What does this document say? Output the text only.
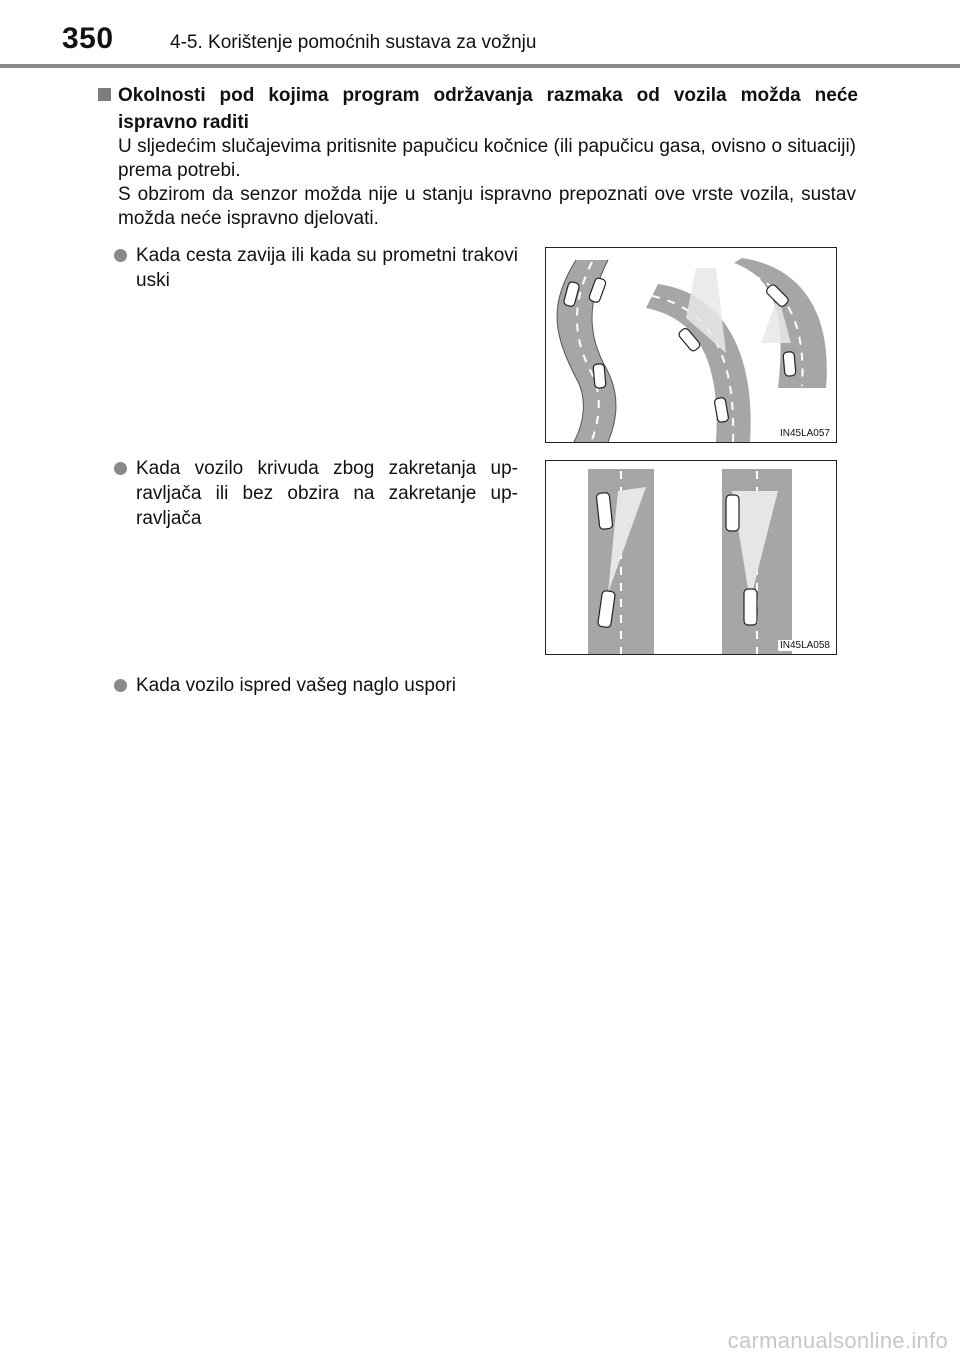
350	4-5. Korištenje pomoćnih sustava za vožnju
Okolnosti pod kojima program održavanja razmaka od vozila možda neće ispravno raditi

U sljedećim slučajevima pritisnite papučicu kočnice (ili papučicu gasa, ovisno o situaciji) prema potrebi.

S obzirom da senzor možda nije u stanju ispravno prepoznati ove vrste vozila, sustav možda neće ispravno djelovati.

Kada cesta zavija ili kada su prometni trakovi uski
Kada vozilo krivuda zbog zakretanja up-ravljača ili bez obzira na zakretanje up-ravljača
Kada vozilo ispred vašeg naglo uspori
IN45LA057
IN45LA058
carmanualsonline.info
